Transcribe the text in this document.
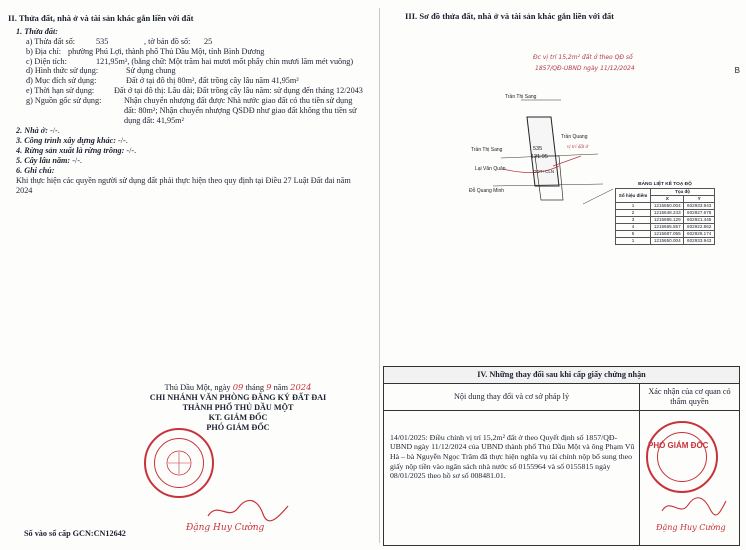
II. Thửa đất, nhà ở và tài sản khác gắn liền với đất
1. Thửa đất:
a) Thửa đất số:	535	, tờ bản đồ số:	25
b) Địa chỉ: phường Phú Lợi, thành phố Thủ Dầu Một, tỉnh Bình Dương
c) Diện tích:	121,95m², (bằng chữ: Một trăm hai mươi mốt phẩy chín mươi lăm mét vuông)
d) Hình thức sử dụng:	Sử dụng chung
đ) Mục đích sử dụng:	Đất ở tại đô thị 80m², đất trồng cây lâu năm 41,95m²
e) Thời hạn sử dụng:	Đất ở tại đô thị: Lâu dài; Đất trồng cây lâu năm: sử dụng đến tháng 12/2043
g) Nguồn gốc sử dụng:	Nhận chuyển nhượng đất được Nhà nước giao đất có thu tiền sử dụng đất: 80m²; Nhận chuyển nhượng QSDĐ như giao đất không thu tiền sử dụng đất: 41,95m²
2. Nhà ở:
-/-.
3. Công trình xây dựng khác:
-/-.
4. Rừng sản xuất là rừng trồng:
-/-.
5. Cây lâu năm:
-/-.
6. Ghi chú:
Khi thực hiện các quyền người sử dụng đất phải thực hiện theo quy định tại Điều 27 Luật Đất đai năm 2024
Thủ Dầu Một, ngày 09 tháng 9 năm 2024
CHI NHÁNH VĂN PHÒNG ĐĂNG KÝ ĐẤT ĐAI
THÀNH PHỐ THỦ DẦU MỘT
KT. GIÁM ĐỐC
PHÓ GIÁM ĐỐC
Đặng Huy Cường
Số vào sổ cấp GCN: CN12642
III. Sơ đồ thửa đất, nhà ở và tài sản khác gắn liền với đất
B
Đc vị trí 15,2m² đất ở theo QĐ số
1857/QĐ-UBND ngày 11/12/2024
Trần Thị Sang
Lại Văn Quân
Đỗ Quang Minh
Trần Thị Sang
Trần Quang
535
121.95
ODT+CLN
vị trí đất ở
BẢNG LIỆT KÊ TOẠ ĐỘ
Số hiệu điểm	Tọa độ	
	X	Y
1	1215650.004	602933.943
2	1215648.243	602927.678
3	1215685.129	602921.445
4	1215665.557	602922.862
5	1215687.055	602928.174
1	1215650.004	602933.943
IV. Những thay đổi sau khi cấp giấy chứng nhận
Nội dung thay đổi và cơ sở pháp lý
Xác nhận của cơ quan có thẩm quyền
14/01/2025: Điều chỉnh vị trí 15,2m² đất ở theo Quyết định số 1857/QĐ-UBND ngày 11/12/2024 của UBND thành phố Thủ Dầu Một và ông Phạm Vũ Hà – bà Nguyễn Ngọc Trâm đã thực hiện nghĩa vụ tài chính nộp bổ sung theo giấy nộp tiền vào ngân sách nhà nước số 0155964 và số 0155815 ngày 08/01/2025 theo hồ sơ số 008481.01.
PHÓ GIÁM ĐỐC
Đặng Huy Cường
